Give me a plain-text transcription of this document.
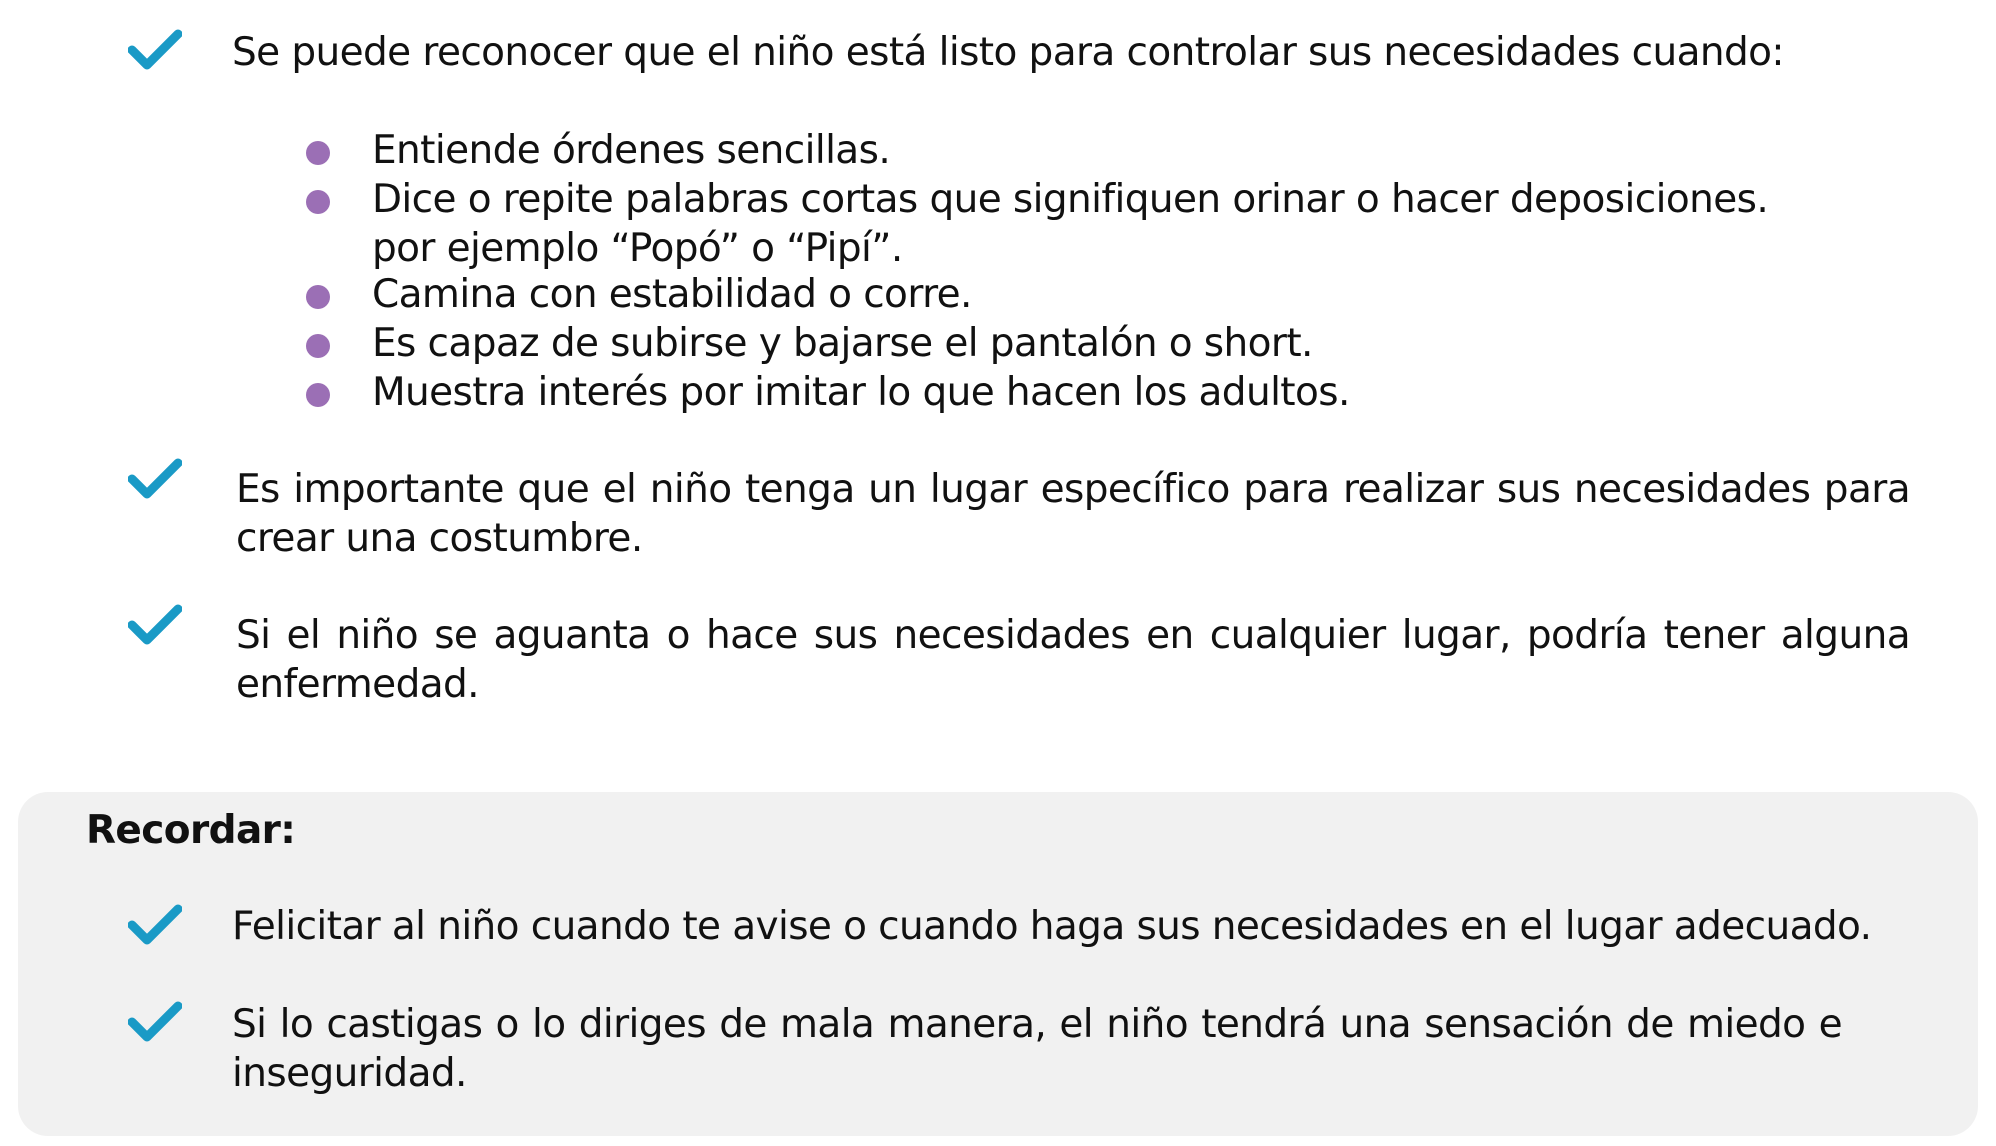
Se puede reconocer que el niño está listo para controlar sus necesidades cuando:
Entiende órdenes sencillas.
Dice o repite palabras cortas que signifiquen orinar o hacer deposiciones.
por ejemplo “Popó” o “Pipí”.
Camina con estabilidad o corre.
Es capaz de subirse y bajarse el pantalón o short.
Muestra interés por imitar lo que hacen los adultos.
Es importante que el niño tenga un lugar específico para realizar sus necesidades para crear una costumbre.
Si el niño se aguanta o hace sus necesidades en cualquier lugar, podría tener alguna enfermedad.
Recordar:
Felicitar al niño cuando te avise o cuando haga sus necesidades en el lugar adecuado.
Si lo castigas o lo diriges de mala manera, el niño tendrá una sensación de miedo e inseguridad.
